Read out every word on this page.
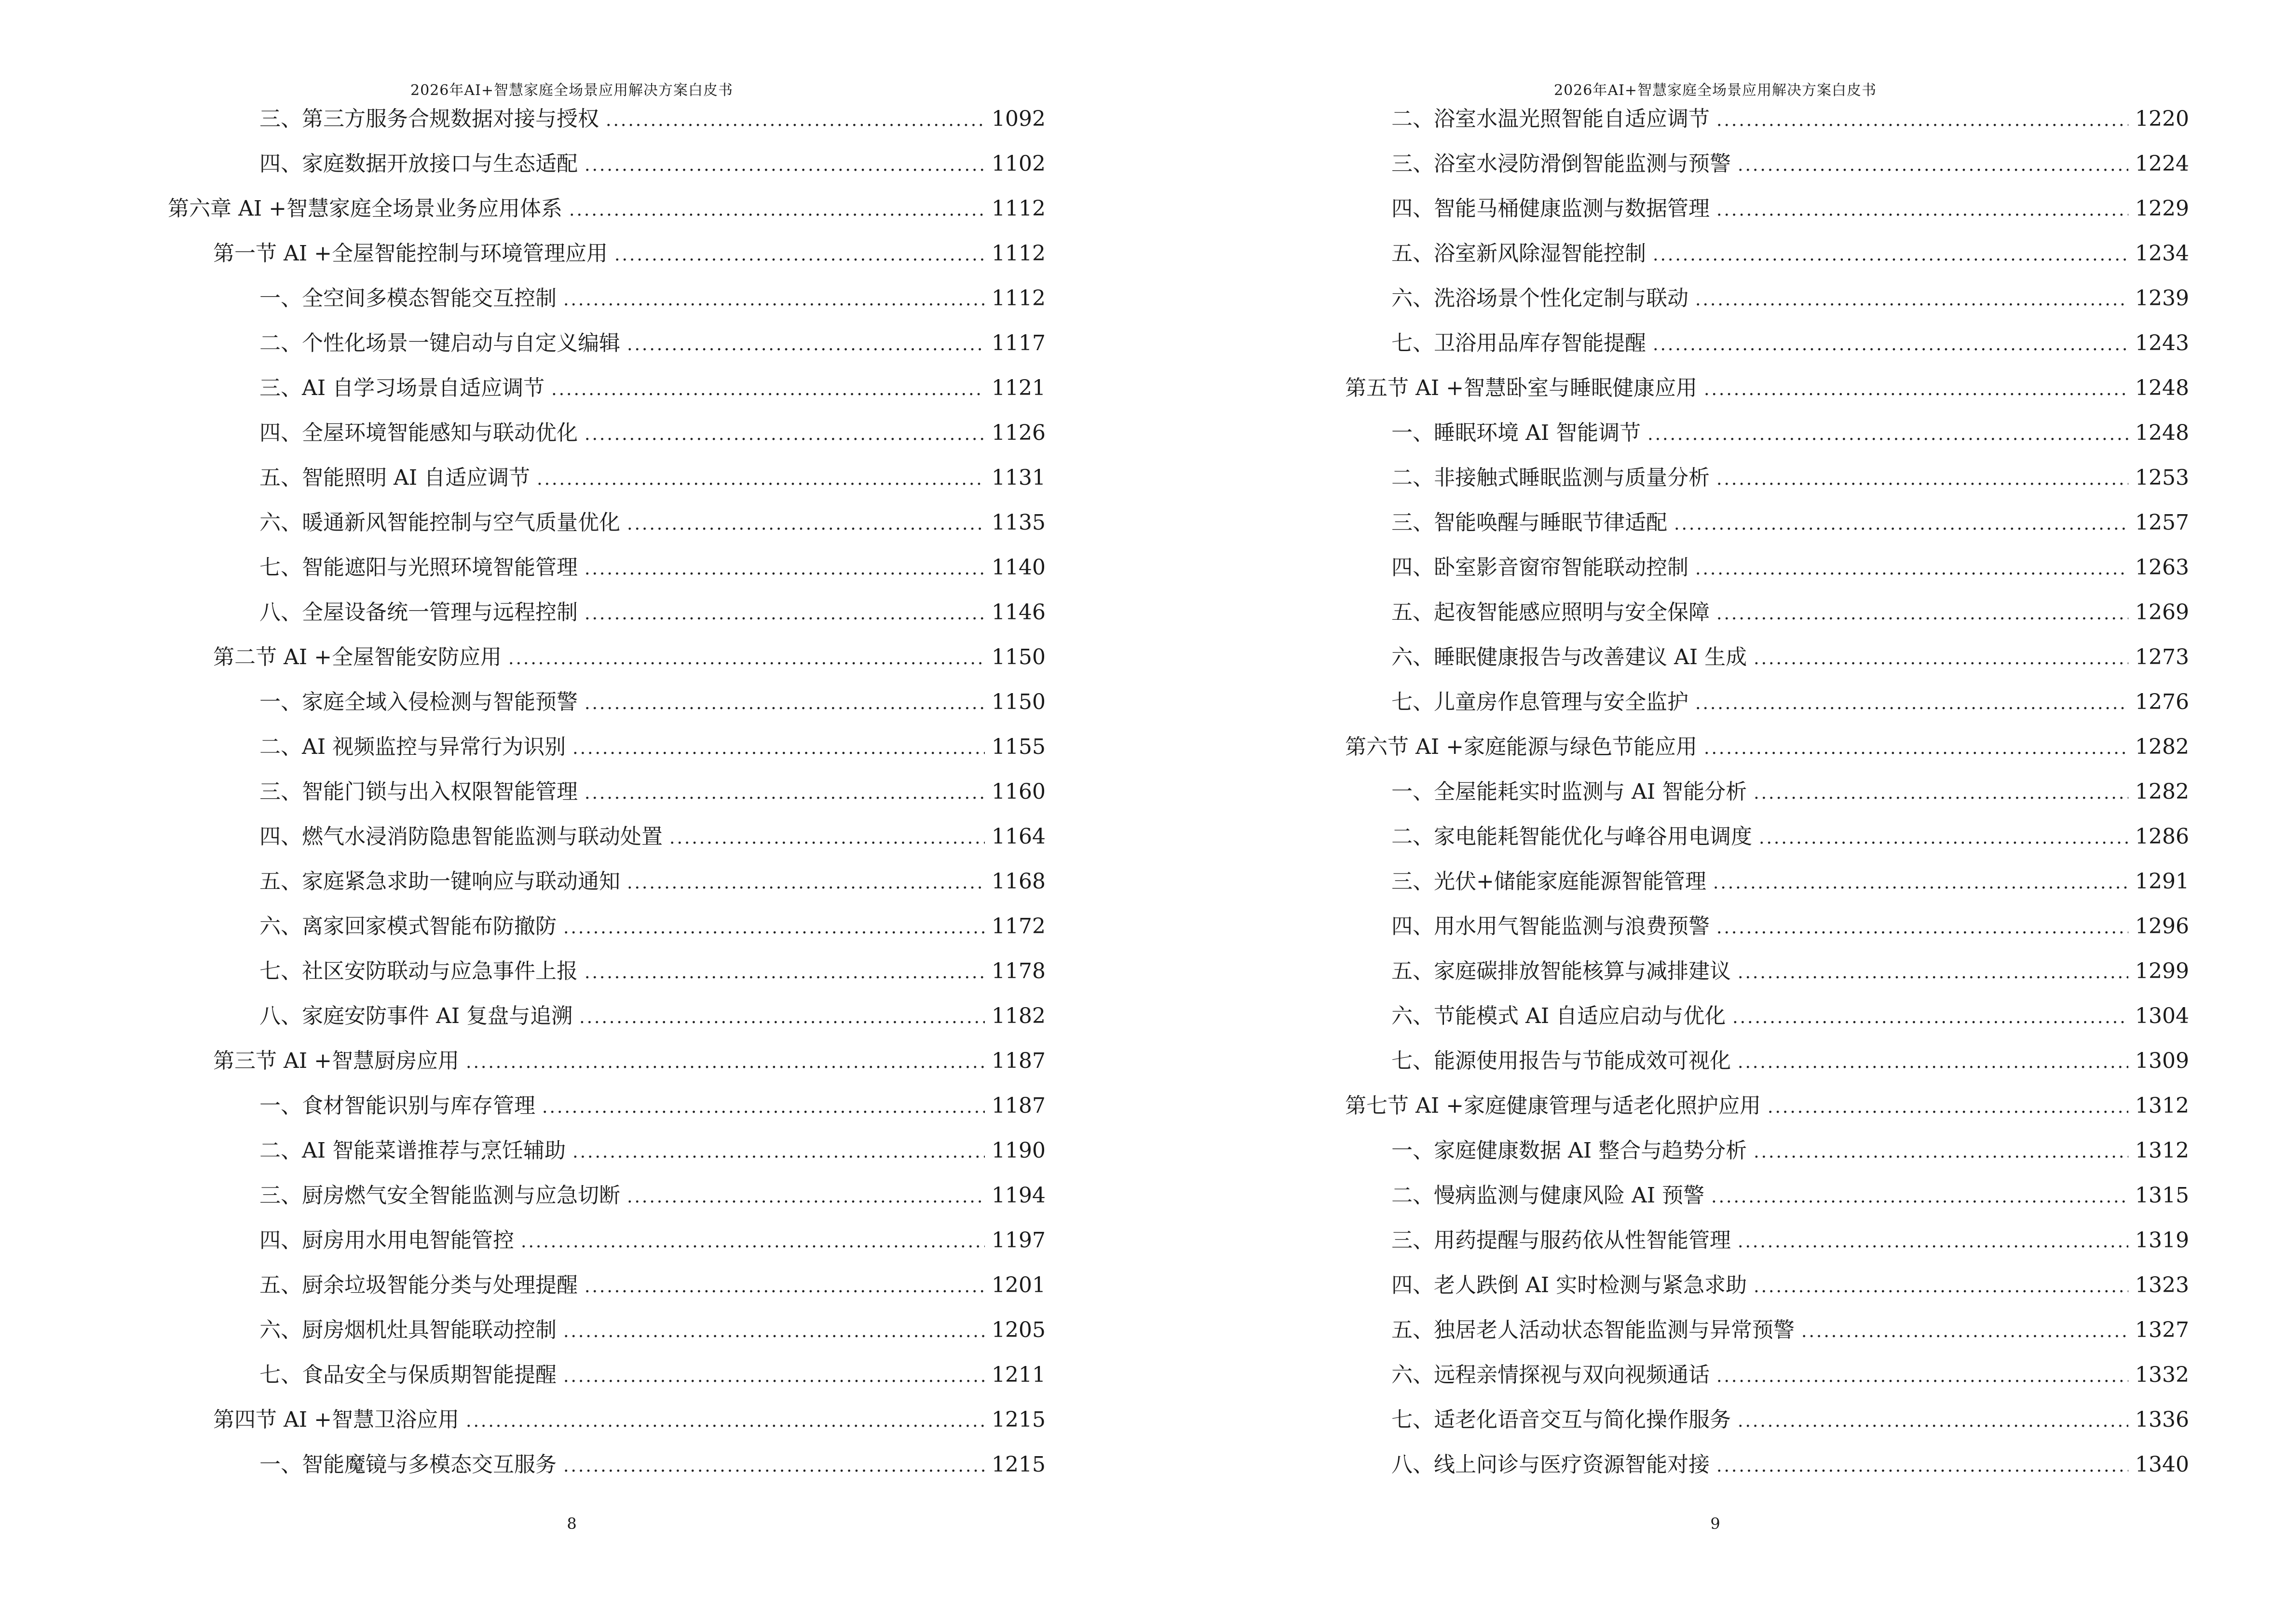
2026年AI+智慧家庭全场景应用解决方案白皮书
三、第三方服务合规数据对接与授权 .....	1092
四、家庭数据开放接口与生态适配 .....	1102
第六章 AI +智慧家庭全场景业务应用体系 .....	1112
第一节 AI +全屋智能控制与环境管理应用 .....	1112
一、全空间多模态智能交互控制 .....	1112
二、个性化场景一键启动与自定义编辑 .....	1117
三、AI 自学习场景自适应调节 .....	1121
四、全屋环境智能感知与联动优化 .....	1126
五、智能照明 AI 自适应调节 .....	1131
六、暖通新风智能控制与空气质量优化 .....	1135
七、智能遮阳与光照环境智能管理 .....	1140
八、全屋设备统一管理与远程控制 .....	1146
第二节 AI +全屋智能安防应用 .....	1150
一、家庭全域入侵检测与智能预警 .....	1150
二、AI 视频监控与异常行为识别 .....	1155
三、智能门锁与出入权限智能管理 .....	1160
四、燃气水浸消防隐患智能监测与联动处置 .....	1164
五、家庭紧急求助一键响应与联动通知 .....	1168
六、离家回家模式智能布防撤防 .....	1172
七、社区安防联动与应急事件上报 .....	1178
八、家庭安防事件 AI 复盘与追溯 .....	1182
第三节 AI +智慧厨房应用 .....	1187
一、食材智能识别与库存管理 .....	1187
二、AI 智能菜谱推荐与烹饪辅助 .....	1190
三、厨房燃气安全智能监测与应急切断 .....	1194
四、厨房用水用电智能管控 .....	1197
五、厨余垃圾智能分类与处理提醒 .....	1201
六、厨房烟机灶具智能联动控制 .....	1205
七、食品安全与保质期智能提醒 .....	1211
第四节 AI +智慧卫浴应用 .....	1215
一、智能魔镜与多模态交互服务 .....	1215
8
2026年AI+智慧家庭全场景应用解决方案白皮书
二、浴室水温光照智能自适应调节 .....	1220
三、浴室水浸防滑倒智能监测与预警 .....	1224
四、智能马桶健康监测与数据管理 .....	1229
五、浴室新风除湿智能控制 .....	1234
六、洗浴场景个性化定制与联动 .....	1239
七、卫浴用品库存智能提醒 .....	1243
第五节 AI +智慧卧室与睡眠健康应用 .....	1248
一、睡眠环境 AI 智能调节 .....	1248
二、非接触式睡眠监测与质量分析 .....	1253
三、智能唤醒与睡眠节律适配 .....	1257
四、卧室影音窗帘智能联动控制 .....	1263
五、起夜智能感应照明与安全保障 .....	1269
六、睡眠健康报告与改善建议 AI 生成 .....	1273
七、儿童房作息管理与安全监护 .....	1276
第六节 AI +家庭能源与绿色节能应用 .....	1282
一、全屋能耗实时监测与 AI 智能分析 .....	1282
二、家电能耗智能优化与峰谷用电调度 .....	1286
三、光伏+储能家庭能源智能管理 .....	1291
四、用水用气智能监测与浪费预警 .....	1296
五、家庭碳排放智能核算与减排建议 .....	1299
六、节能模式 AI 自适应启动与优化 .....	1304
七、能源使用报告与节能成效可视化 .....	1309
第七节 AI +家庭健康管理与适老化照护应用 .....	1312
一、家庭健康数据 AI 整合与趋势分析 .....	1312
二、慢病监测与健康风险 AI 预警 .....	1315
三、用药提醒与服药依从性智能管理 .....	1319
四、老人跌倒 AI 实时检测与紧急求助 .....	1323
五、独居老人活动状态智能监测与异常预警 .....	1327
六、远程亲情探视与双向视频通话 .....	1332
七、适老化语音交互与简化操作服务 .....	1336
八、线上问诊与医疗资源智能对接 .....	1340
9
